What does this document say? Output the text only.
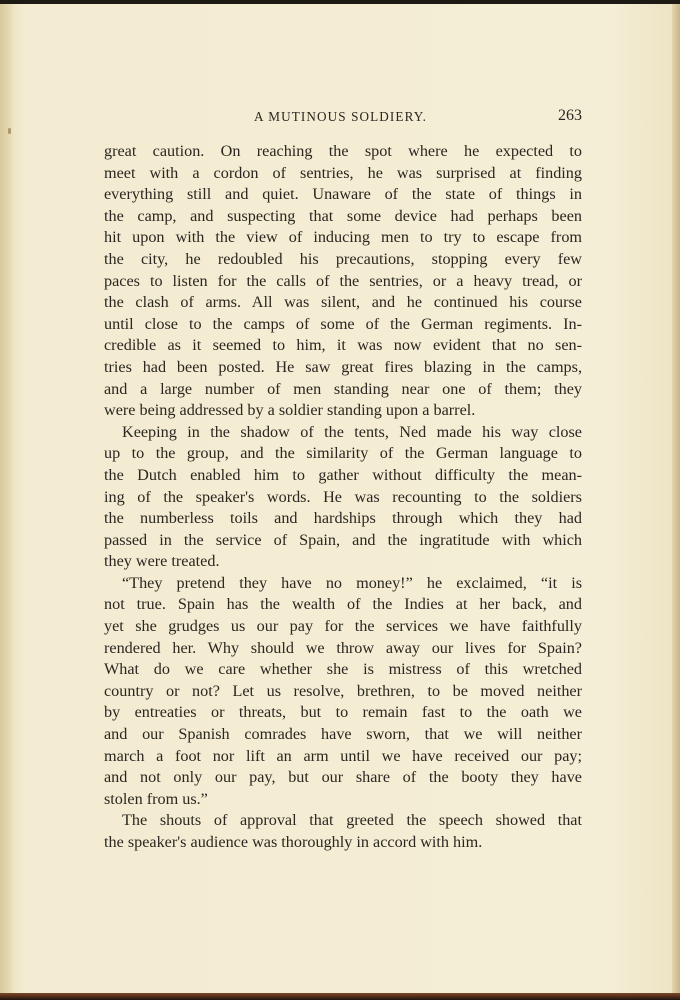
A MUTINOUS SOLDIERY.	263
great caution. On reaching the spot where he expected to
meet with a cordon of sentries, he was surprised at finding
everything still and quiet. Unaware of the state of things in
the camp, and suspecting that some device had perhaps been
hit upon with the view of inducing men to try to escape from
the city, he redoubled his precautions, stopping every few
paces to listen for the calls of the sentries, or a heavy tread, or
the clash of arms. All was silent, and he continued his course
until close to the camps of some of the German regiments. In-
credible as it seemed to him, it was now evident that no sen-
tries had been posted. He saw great fires blazing in the camps,
and a large number of men standing near one of them; they
were being addressed by a soldier standing upon a barrel.
Keeping in the shadow of the tents, Ned made his way close
up to the group, and the similarity of the German language to
the Dutch enabled him to gather without difficulty the mean-
ing of the speaker's words. He was recounting to the soldiers
the numberless toils and hardships through which they had
passed in the service of Spain, and the ingratitude with which
they were treated.
“They pretend they have no money!” he exclaimed, “it is
not true. Spain has the wealth of the Indies at her back, and
yet she grudges us our pay for the services we have faithfully
rendered her. Why should we throw away our lives for Spain?
What do we care whether she is mistress of this wretched
country or not? Let us resolve, brethren, to be moved neither
by entreaties or threats, but to remain fast to the oath we
and our Spanish comrades have sworn, that we will neither
march a foot nor lift an arm until we have received our pay;
and not only our pay, but our share of the booty they have
stolen from us.”
The shouts of approval that greeted the speech showed that
the speaker's audience was thoroughly in accord with him.
